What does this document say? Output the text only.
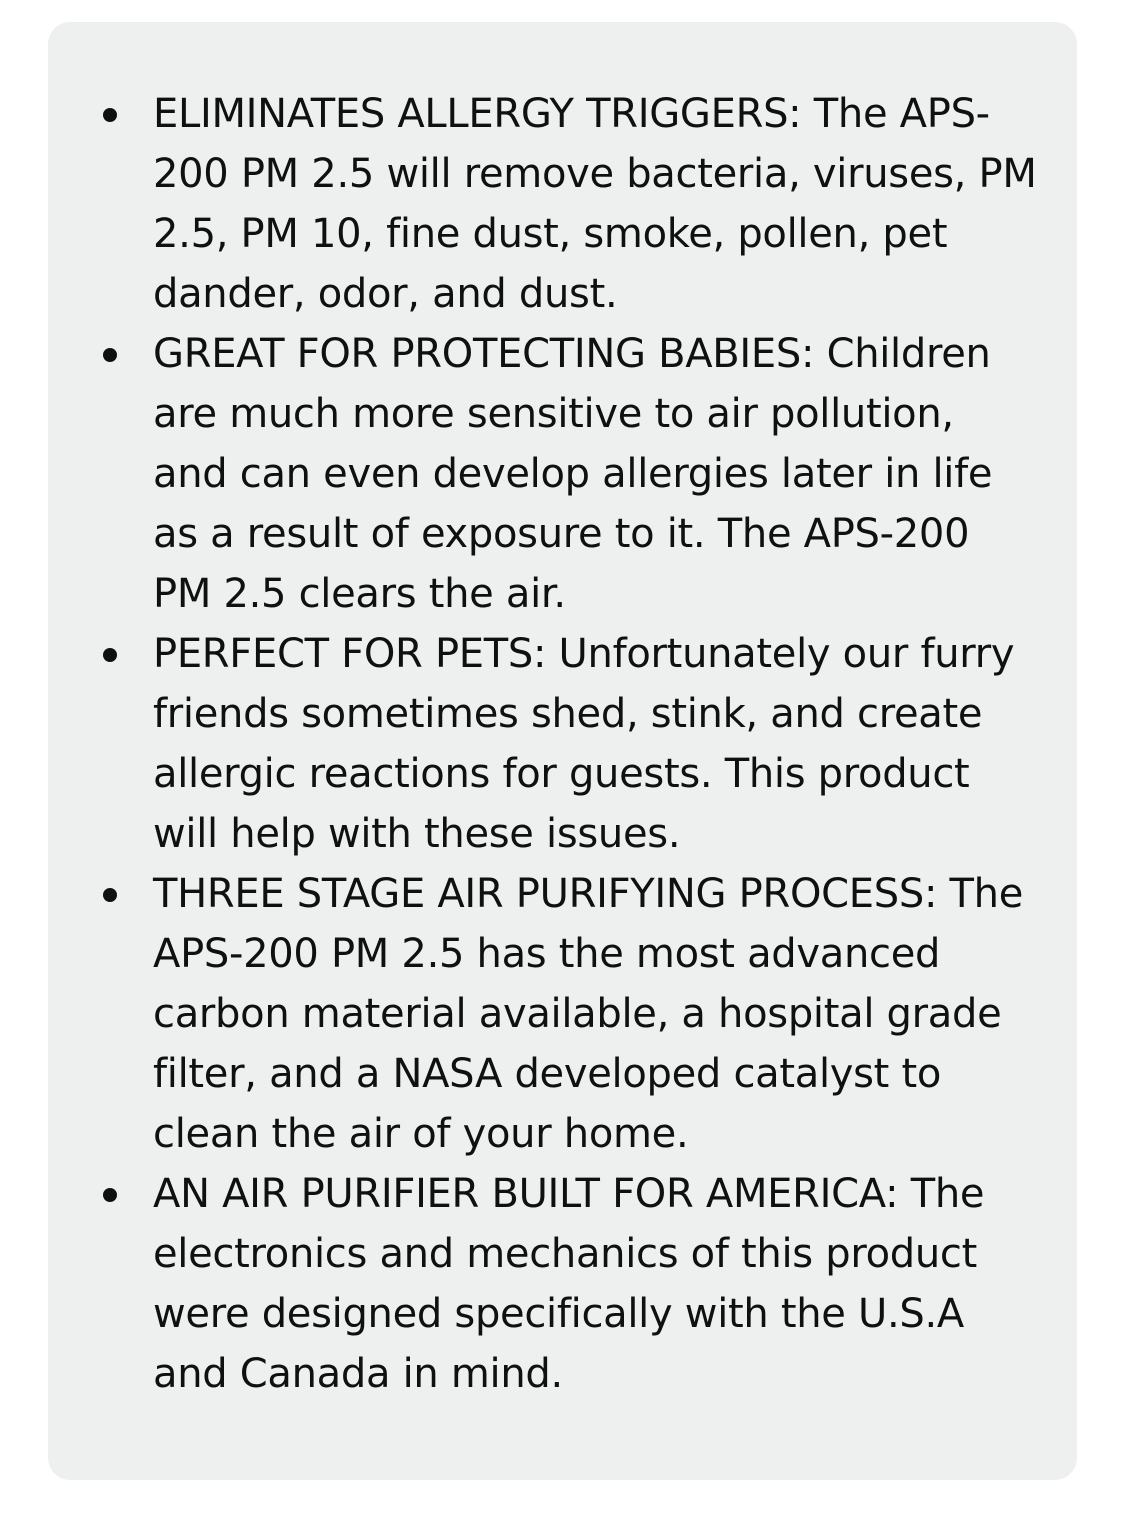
ELIMINATES ALLERGY TRIGGERS: The APS-200 PM 2.5 will remove bacteria, viruses, PM 2.5, PM 10, fine dust, smoke, pollen, pet dander, odor, and dust.
GREAT FOR PROTECTING BABIES: Children are much more sensitive to air pollution, and can even develop allergies later in life as a result of exposure to it. The APS-200 PM 2.5 clears the air.
PERFECT FOR PETS: Unfortunately our furry friends sometimes shed, stink, and create allergic reactions for guests. This product will help with these issues.
THREE STAGE AIR PURIFYING PROCESS: The APS-200 PM 2.5 has the most advanced carbon material available, a hospital grade filter, and a NASA developed catalyst to clean the air of your home.
AN AIR PURIFIER BUILT FOR AMERICA: The electronics and mechanics of this product were designed specifically with the U.S.A and Canada in mind.
